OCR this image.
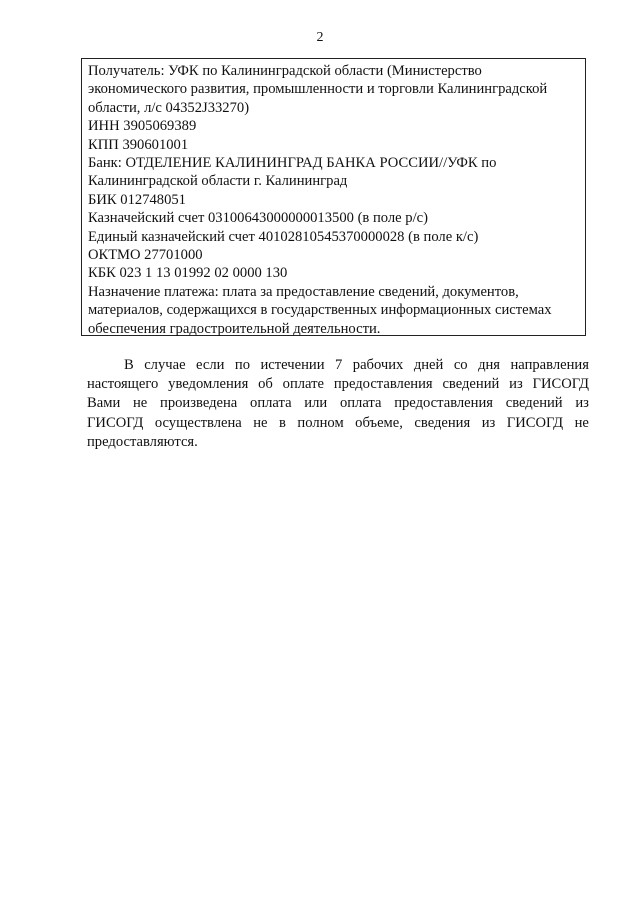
2
Получатель: УФК по Калининградской области (Министерство
экономического развития, промышленности и торговли Калининградской
области, л/с 04352J33270)
ИНН 3905069389
КПП 390601001
Банк: ОТДЕЛЕНИЕ КАЛИНИНГРАД БАНКА РОССИИ//УФК по
Калининградской области г. Калининград
БИК 012748051
Казначейский счет 03100643000000013500 (в поле р/с)
Единый казначейский счет 40102810545370000028 (в поле к/с)
ОКТМО 27701000
КБК 023 1 13 01992 02 0000 130
Назначение платежа: плата за предоставление сведений, документов,
материалов, содержащихся в государственных информационных системах
обеспечения градостроительной деятельности.
В случае если по истечении 7 рабочих дней со дня направления
настоящего уведомления об оплате предоставления сведений из ГИСОГД
Вами не произведена оплата или оплата предоставления сведений из
ГИСОГД осуществлена не в полном объеме, сведения из ГИСОГД не
предоставляются.
